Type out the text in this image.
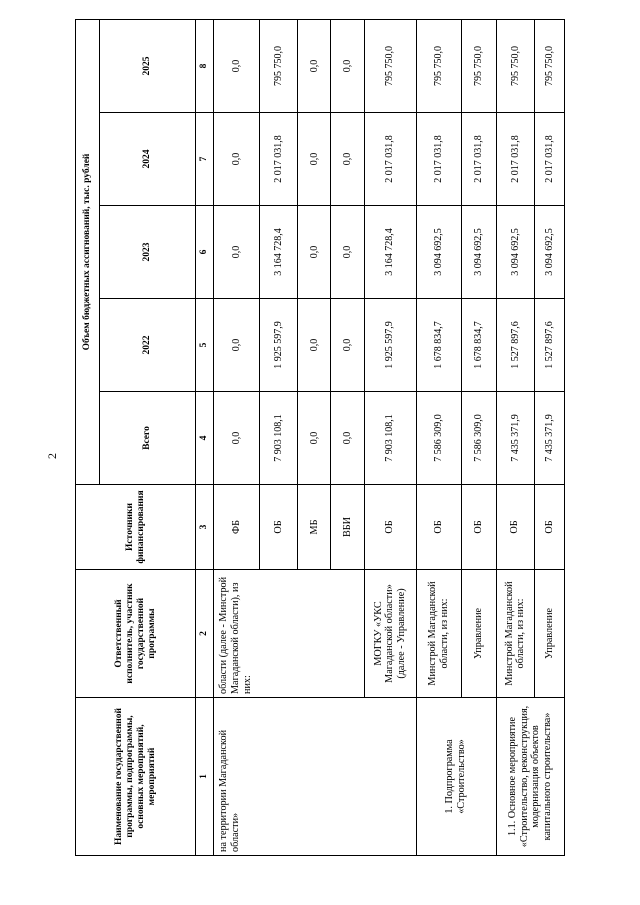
2
Наименование государственной программы, подпрограммы, основных мероприятий, мероприятий	Ответственный исполнитель, участник государственной программы	Источники финансирования	Объем бюджетных ассигнований, тыс. рублей				
			Всего	2022	2023	2024	2025
1	2	3	4	5	6	7	8
на территории Магаданской области»	области (далее - Минстрой Магаданской области), из них:	ФБ	0,0	0,0	0,0	0,0	0,0
		ОБ	7 903 108,1	1 925 597,9	3 164 728,4	2 017 031,8	795 750,0
		МБ	0,0	0,0	0,0	0,0	0,0
		ВБИ	0,0	0,0	0,0	0,0	0,0
	МОГКУ «УКС Магаданской области» (далее - Управление)	ОБ	7 903 108,1	1 925 597,9	3 164 728,4	2 017 031,8	795 750,0
1. Подпрограмма «Строительство»	Минстрой Магаданской области, из них:	ОБ	7 586 309,0	1 678 834,7	3 094 692,5	2 017 031,8	795 750,0
	Управление	ОБ	7 586 309,0	1 678 834,7	3 094 692,5	2 017 031,8	795 750,0
1.1. Основное мероприятие «Строительство, реконструкция, модернизация объектов капитального строительства»	Минстрой Магаданской области, из них:	ОБ	7 435 371,9	1 527 897,6	3 094 692,5	2 017 031,8	795 750,0
	Управление	ОБ	7 435 371,9	1 527 897,6	3 094 692,5	2 017 031,8	795 750,0
